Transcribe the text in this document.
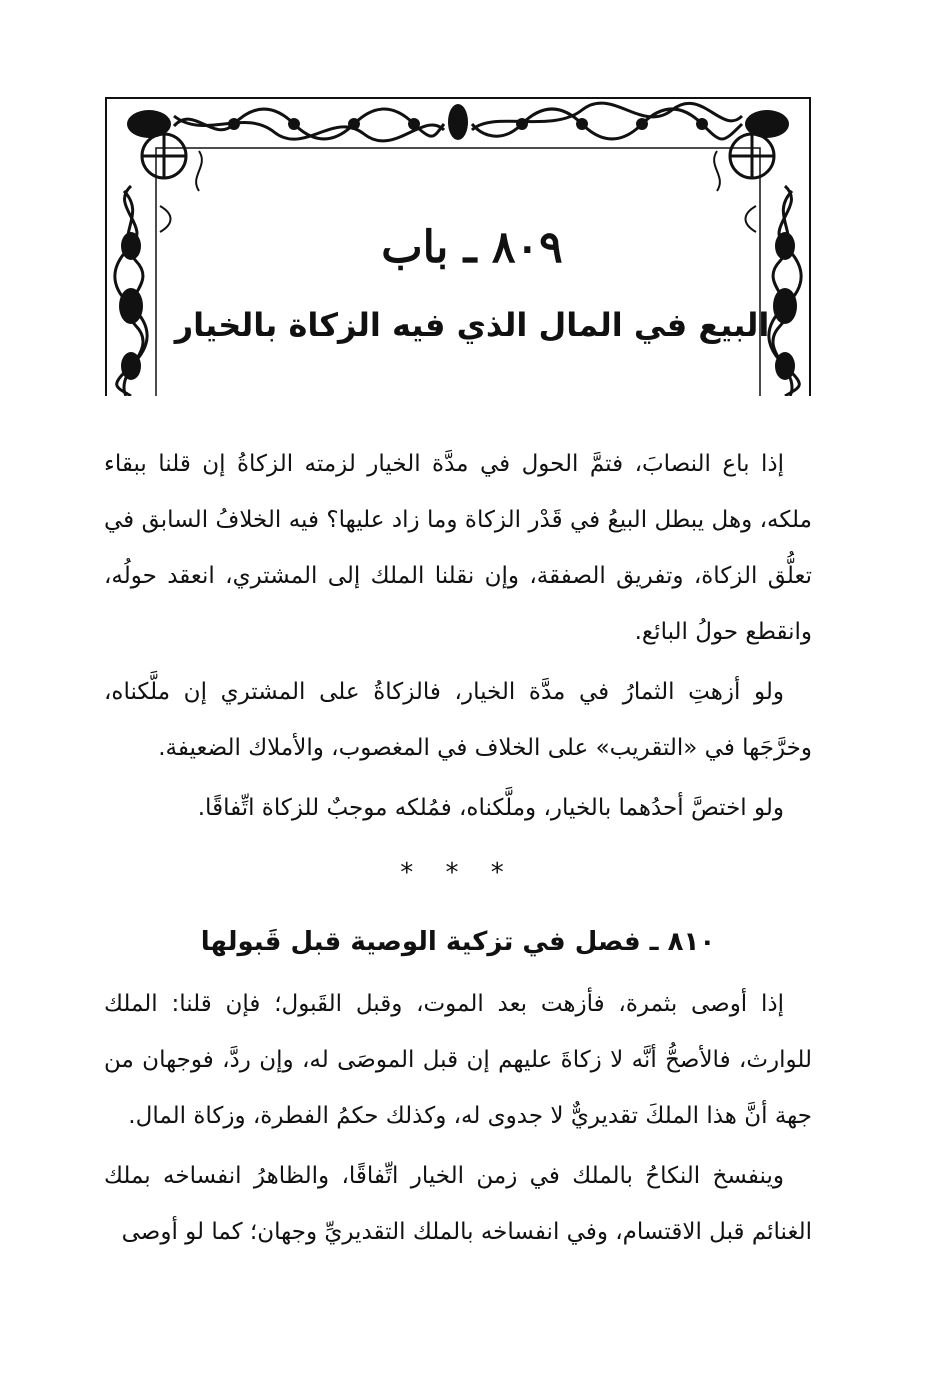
٨٠٩ ـ باب
البيع في المال الذي فيه الزكاة بالخيار

إذا باع النصابَ، فتمَّ الحول في مدَّة الخيار لزمته الزكاةُ إن قلنا ببقاء ملكه، وهل يبطل البيعُ في قَدْر الزكاة وما زاد عليها؟ فيه الخلافُ السابق في تعلُّق الزكاة، وتفريق الصفقة، وإن نقلنا الملك إلى المشتري، انعقد حولُه، وانقطع حولُ البائع.

ولو أزهتِ الثمارُ في مدَّة الخيار، فالزكاةُ على المشتري إن ملَّكناه، وخرَّجَها في «التقريب» على الخلاف في المغصوب، والأملاك الضعيفة.

ولو اختصَّ أحدُهما بالخيار، وملَّكناه، فمُلكه موجبٌ للزكاة اتِّفاقًا.

* * *
٨١٠ ـ فصل في تزكية الوصية قبل قَبولها

إذا أوصى بثمرة، فأزهت بعد الموت، وقبل القَبول؛ فإن قلنا: الملك للوارث، فالأصحُّ أنَّه لا زكاةَ عليهم إن قبل الموصَى له، وإن ردَّ، فوجهان من جهة أنَّ هذا الملكَ تقديريٌّ لا جدوى له، وكذلك حكمُ الفطرة، وزكاة المال.

وينفسخ النكاحُ بالملك في زمن الخيار اتِّفاقًا، والظاهرُ انفساخه بملك الغنائم قبل الاقتسام، وفي انفساخه بالملك التقديريِّ وجهان؛ كما لو أوصى
